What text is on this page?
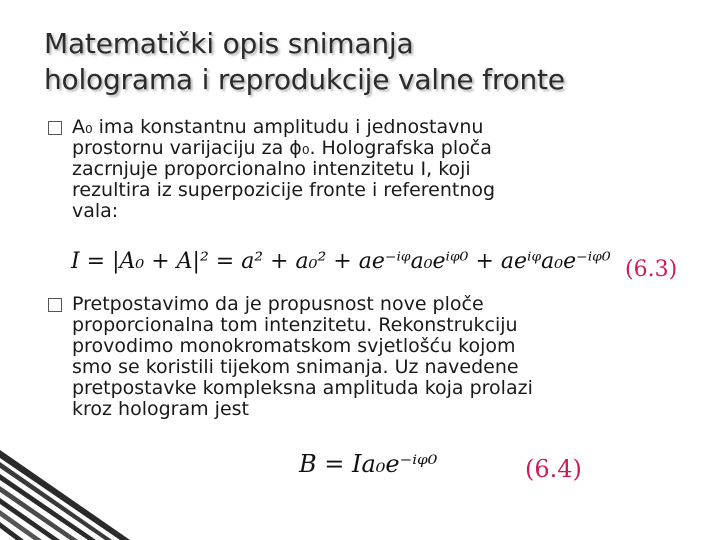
Matematički opis snimanja
holograma i reprodukcije valne fronte
A₀ ima konstantnu amplitudu i jednostavnu
prostornu varijaciju za ϕ₀. Holografska ploča
zacrnjuje proporcionalno intenzitetu I, koji
rezultira iz superpozicije fronte i referentnog
vala:
I = |A₀ + A|² = a² + a₀² + ae⁻ⁱᵠa₀eⁱᵠ⁰ + aeⁱᵠa₀e⁻ⁱᵠ⁰ (6.3)
Pretpostavimo da je propusnost nove ploče
proporcionalna tom intenzitetu. Rekonstrukciju
provodimo monokromatskom svjetlošću kojom
smo se koristili tijekom snimanja. Uz navedene
pretpostavke kompleksna amplituda koja prolazi
kroz hologram jest
B = Ia₀e⁻ⁱᵠ⁰	(6.4)
